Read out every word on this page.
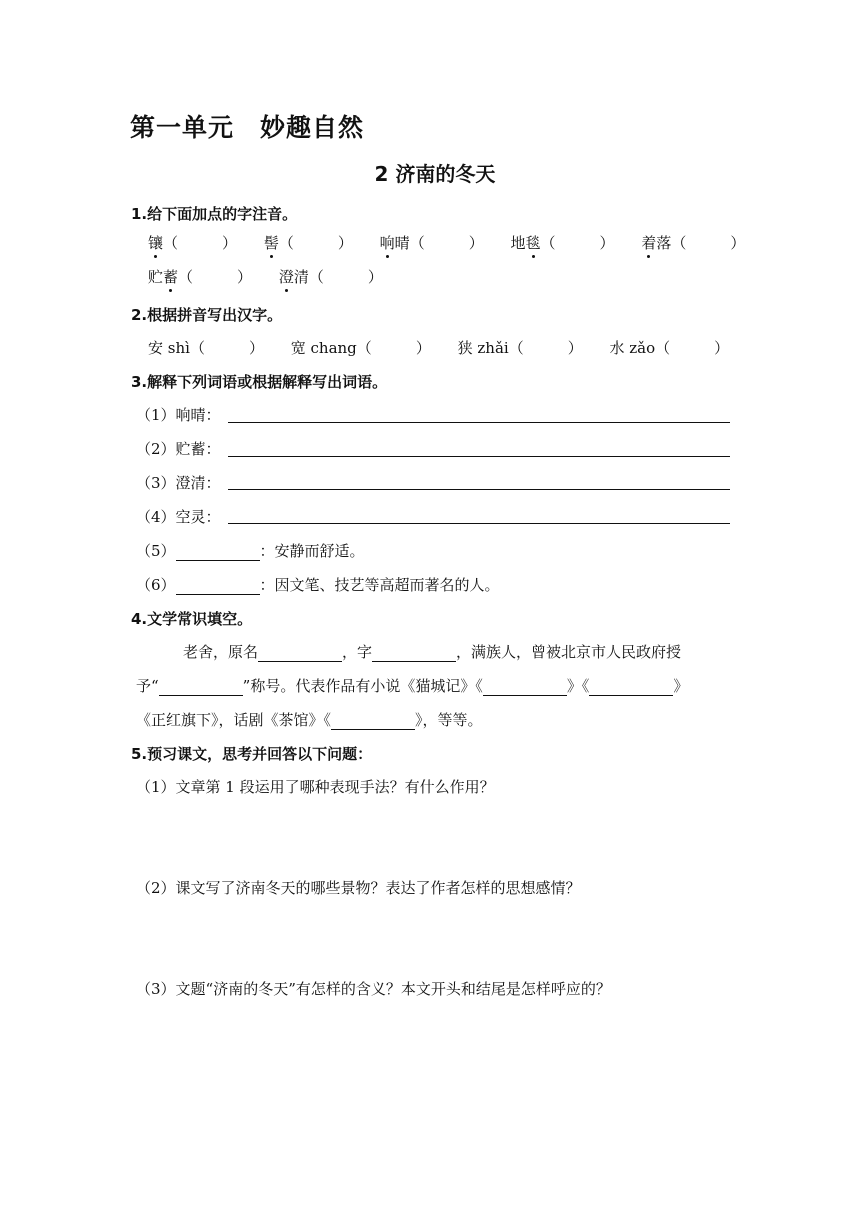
第一单元　妙趣自然
2 济南的冬天
1.给下面加点的字注音。
镶（	） 髻（	） 响晴（	） 地毯（	） 着落（	）
贮蓄（	） 澄清（	）
2.根据拼音写出汉字。
安 shì（	） 宽 chang（	） 狭 zhǎi（	） 水 zǎo（	）
3.解释下列词语或根据解释写出词语。
（1）响晴：
（2）贮蓄：
（3）澄清：
（4）空灵：
（5）	：安静而舒适。
（6）	：因文笔、技艺等高超而著名的人。
4.文学常识填空。
老舍，原名	，字	，满族人，曾被北京市人民政府授
予“	”称号。代表作品有小说《猫城记》《	》《	》
《正红旗下》，话剧《茶馆》《	》，等等。
5.预习课文，思考并回答以下问题：
（1）文章第 1 段运用了哪种表现手法？有什么作用？
（2）课文写了济南冬天的哪些景物？表达了作者怎样的思想感情？
（3）文题“济南的冬天”有怎样的含义？本文开头和结尾是怎样呼应的？
